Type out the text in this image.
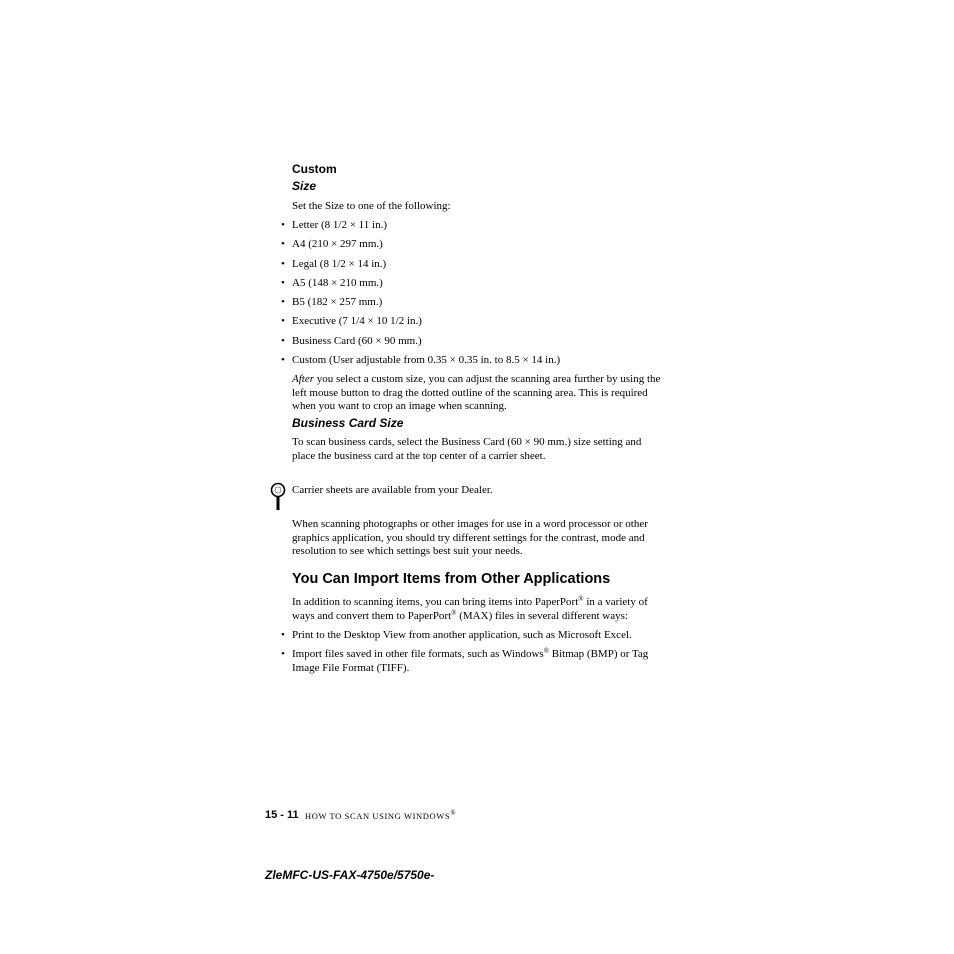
Custom
Size
Set the Size to one of the following:
• Letter (8 1/2 × 11 in.)
• A4 (210 × 297 mm.)
• Legal (8 1/2 × 14 in.)
• A5 (148 × 210 mm.)
• B5 (182 × 257 mm.)
• Executive (7 1/4 × 10 1/2 in.)
• Business Card (60 × 90 mm.)
• Custom (User adjustable from 0.35 × 0.35 in. to 8.5 × 14 in.)
After you select a custom size, you can adjust the scanning area further by using the left mouse button to drag the dotted outline of the scanning area. This is required when you want to crop an image when scanning.
Business Card Size
To scan business cards, select the Business Card (60 × 90 mm.) size setting and place the business card at the top center of a carrier sheet.
Carrier sheets are available from your Dealer.
When scanning photographs or other images for use in a word processor or other graphics application, you should try different settings for the contrast, mode and resolution to see which settings best suit your needs.
You Can Import Items from Other Applications
In addition to scanning items, you can bring items into PaperPort® in a variety of ways and convert them to PaperPort® (MAX) files in several different ways:
• Print to the Desktop View from another application, such as Microsoft Excel.
• Import files saved in other file formats, such as Windows® Bitmap (BMP) or Tag Image File Format (TIFF).
15 - 11 HOW TO SCAN USING WINDOWS®
ZleMFC-US-FAX-4750e/5750e-
